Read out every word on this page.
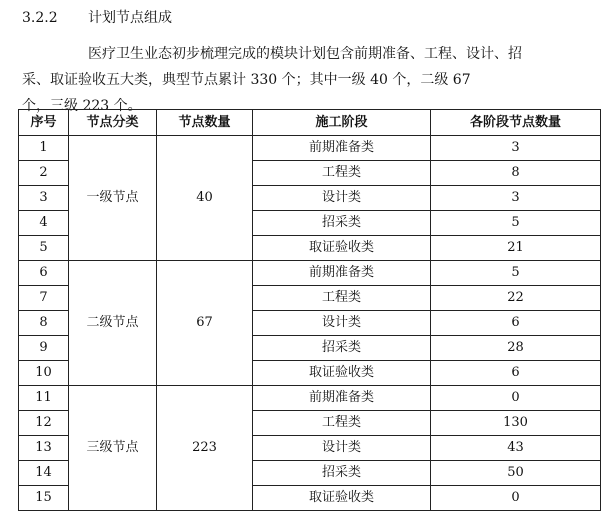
3.2.2 计划节点组成
医疗卫生业态初步梳理完成的模块计划包含前期准备、工程、设计、招
采、取证验收五大类，典型节点累计 330 个；其中一级 40 个，二级 67
个，三级 223 个。
序号	节点分类	节点数量	施工阶段	各阶段节点数量
1	一级节点	40	前期准备类	3
2			工程类	8
3			设计类	3
4			招采类	5
5			取证验收类	21
6	二级节点	67	前期准备类	5
7			工程类	22
8			设计类	6
9			招采类	28
10			取证验收类	6
11	三级节点	223	前期准备类	0
12			工程类	130
13			设计类	43
14			招采类	50
15			取证验收类	0
